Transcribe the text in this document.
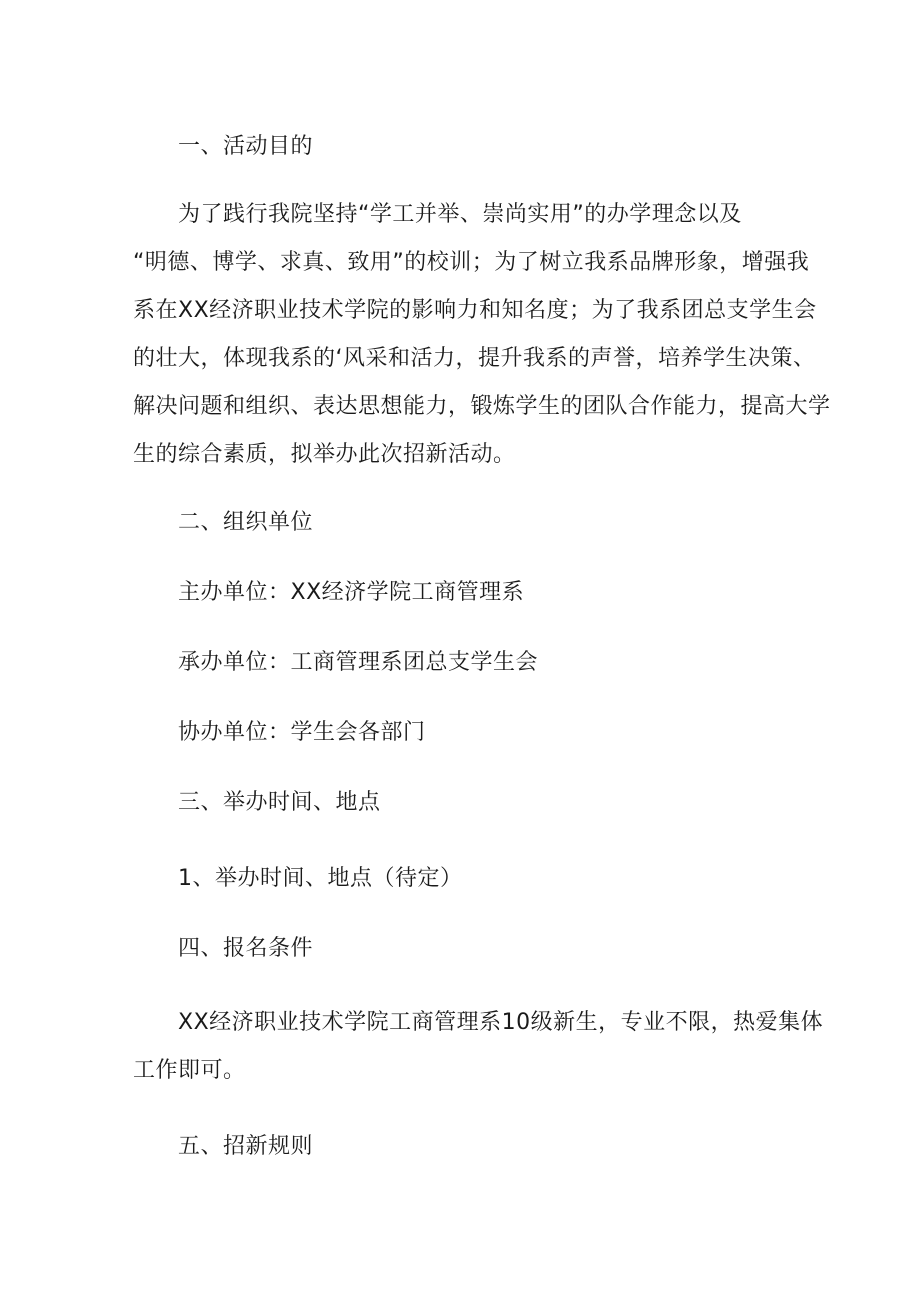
一、活动目的
为了践行我院坚持“学工并举、崇尚实用”的办学理念以及
“明德、博学、求真、致用”的校训；为了树立我系品牌形象，增强我
系在XX经济职业技术学院的影响力和知名度；为了我系团总支学生会
的壮大，体现我系的‘风采和活力，提升我系的声誉，培养学生决策、
解决问题和组织、表达思想能力，锻炼学生的团队合作能力，提高大学
生的综合素质，拟举办此次招新活动。
二、组织单位
主办单位：XX经济学院工商管理系
承办单位：工商管理系团总支学生会
协办单位：学生会各部门
三、举办时间、地点
1、举办时间、地点（待定）
四、报名条件
XX经济职业技术学院工商管理系10级新生，专业不限，热爱集体
工作即可。
五、招新规则
